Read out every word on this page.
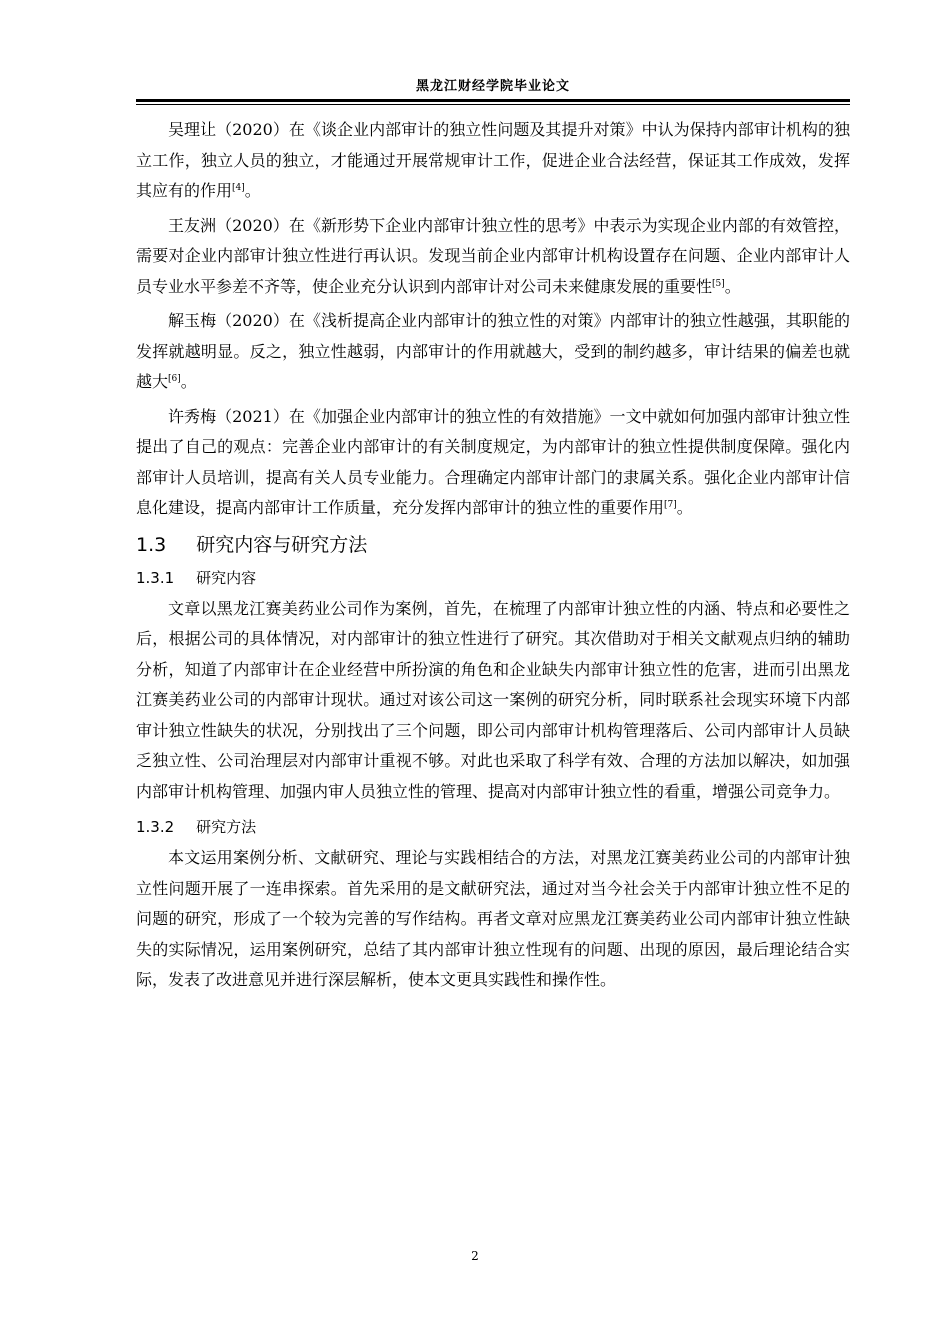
黑龙江财经学院毕业论文

吴理让（2020）在《谈企业内部审计的独立性问题及其提升对策》中认为保持内部审计机构的独立工作，独立人员的独立，才能通过开展常规审计工作，促进企业合法经营，保证其工作成效，发挥其应有的作用[4]。

王友洲（2020）在《新形势下企业内部审计独立性的思考》中表示为实现企业内部的有效管控，需要对企业内部审计独立性进行再认识。发现当前企业内部审计机构设置存在问题、企业内部审计人员专业水平参差不齐等，使企业充分认识到内部审计对公司未来健康发展的重要性[5]。

解玉梅（2020）在《浅析提高企业内部审计的独立性的对策》内部审计的独立性越强，其职能的发挥就越明显。反之，独立性越弱，内部审计的作用就越大，受到的制约越多，审计结果的偏差也就越大[6]。

许秀梅（2021）在《加强企业内部审计的独立性的有效措施》一文中就如何加强内部审计独立性提出了自己的观点：完善企业内部审计的有关制度规定，为内部审计的独立性提供制度保障。强化内部审计人员培训，提高有关人员专业能力。合理确定内部审计部门的隶属关系。强化企业内部审计信息化建设，提高内部审计工作质量，充分发挥内部审计的独立性的重要作用[7]。

1.3 研究内容与研究方法
1.3.1 研究内容

文章以黑龙江赛美药业公司作为案例，首先，在梳理了内部审计独立性的内涵、特点和必要性之后，根据公司的具体情况，对内部审计的独立性进行了研究。其次借助对于相关文献观点归纳的辅助分析，知道了内部审计在企业经营中所扮演的角色和企业缺失内部审计独立性的危害，进而引出黑龙江赛美药业公司的内部审计现状。通过对该公司这一案例的研究分析，同时联系社会现实环境下内部审计独立性缺失的状况，分别找出了三个问题，即公司内部审计机构管理落后、公司内部审计人员缺乏独立性、公司治理层对内部审计重视不够。对此也采取了科学有效、合理的方法加以解决，如加强内部审计机构管理、加强内审人员独立性的管理、提高对内部审计独立性的看重，增强公司竞争力。

1.3.2 研究方法

本文运用案例分析、文献研究、理论与实践相结合的方法，对黑龙江赛美药业公司的内部审计独立性问题开展了一连串探索。首先采用的是文献研究法，通过对当今社会关于内部审计独立性不足的问题的研究，形成了一个较为完善的写作结构。再者文章对应黑龙江赛美药业公司内部审计独立性缺失的实际情况，运用案例研究，总结了其内部审计独立性现有的问题、出现的原因，最后理论结合实际，发表了改进意见并进行深层解析，使本文更具实践性和操作性。

2
